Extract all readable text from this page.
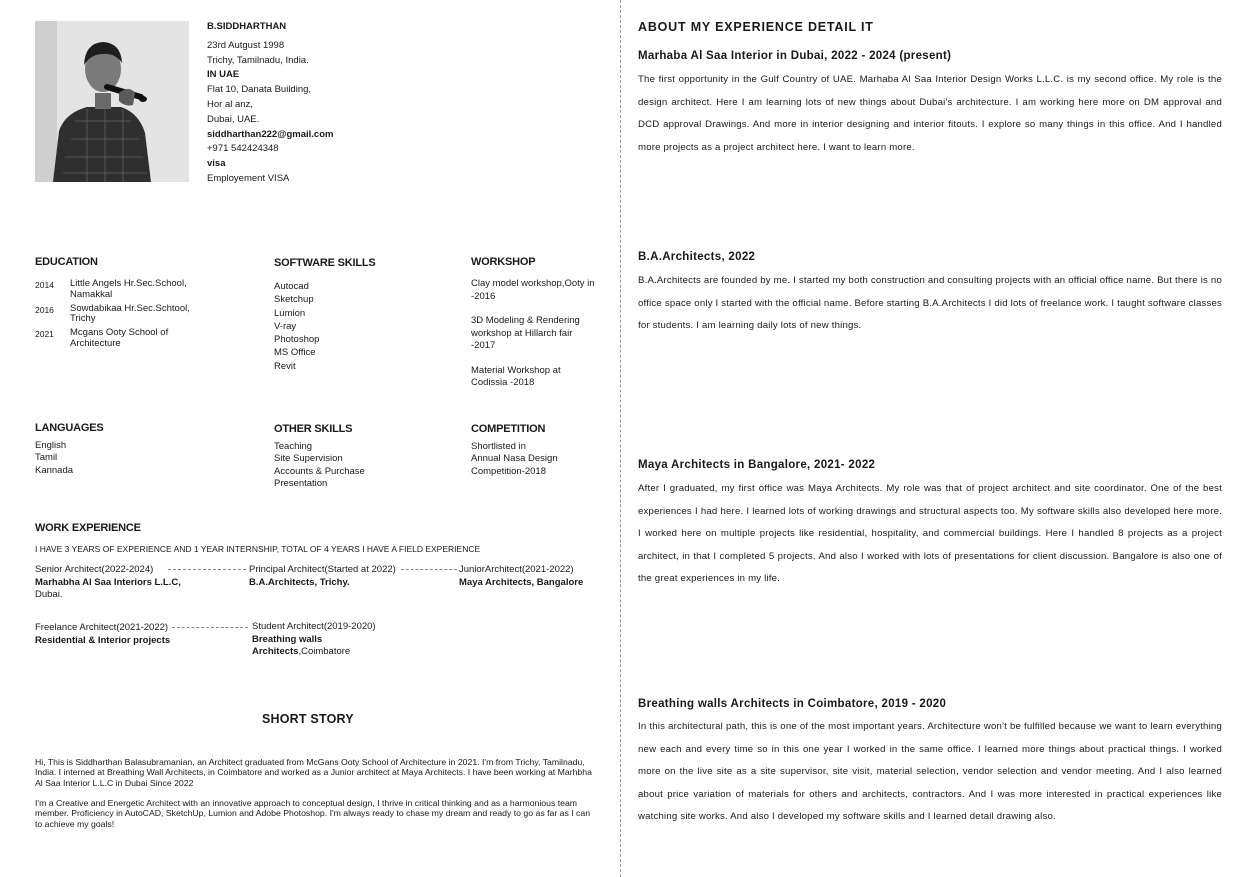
B.SIDDHARTHAN
23rd Autgust 1998
Trichy, Tamilnadu, India.
IN UAE
Flat 10, Danata Building,
Hor al anz,
Dubai, UAE.
siddharthan222@gmail.com
+971 542424348
visa
Employement VISA
EDUCATION
2014	Little Angels Hr.Sec.School, Namakkal
2016	Sowdabikaa Hr.Sec.Schtool, Trichy
2021	Mcgans Ooty School of Architecture
SOFTWARE SKILLS
Autocad
Sketchup
Lumion
V-ray
Photoshop
MS Office
Revit
WORKSHOP
Clay model workshop,Ooty in -2016
3D Modeling & Rendering workshop at Hillarch fair -2017
Material Workshop at Codissia -2018
LANGUAGES
English
Tamil
Kannada
OTHER SKILLS
Teaching
Site Supervision
Accounts & Purchase
Presentation
COMPETITION
Shortlisted in
Annual Nasa Design
Competition-2018
WORK EXPERIENCE
I HAVE 3 YEARS OF EXPERIENCE AND 1 YEAR INTERNSHIP, TOTAL OF 4 YEARS I HAVE A FIELD EXPERIENCE
Senior Architect(2022-2024)
Marhabha Al Saa Interiors L.L.C,
Dubai.
Principal Architect(Started at 2022)
B.A.Architects, Trichy.
JuniorArchitect(2021-2022)
Maya Architects, Bangalore
Freelance Architect(2021-2022)
Residential & Interior projects
Student Architect(2019-2020)
Breathing walls Architects,Coimbatore
SHORT STORY
Hi, This is Siddharthan Balasubramanian, an Architect graduated from McGans Ooty School of Architecture in 2021. I'm from Trichy, Tamilnadu, India. I interned at Breathing Wall Architects, in Coimbatore and worked as a Junior architect at Maya Architects. I have been working at Marhbha Al Saa Interior L.L.C in Dubai Since 2022
I'm a Creative and Energetic Architect with an innovative approach to conceptual design, I thrive in critical thinking and as a harmonious team member. Proficiency in AutoCAD, SketchUp, Lumion and Adobe Photoshop. I'm always ready to chase my dream and ready to go as far as I can to achieve my goals!
ABOUT MY EXPERIENCE DETAIL IT
Marhaba Al Saa Interior in Dubai, 2022 - 2024 (present)
The first opportunity in the Gulf Country of UAE. Marhaba Al Saa Interior Design Works L.L.C. is my second office. My role is the design architect. Here I am learning lots of new things about Dubai's architecture. I am working here more on DM approval and DCD approval Drawings. And more in interior designing and interior fitouts. I explore so many things in this office. And I handled more projects as a project architect here. I want to learn more.
B.A.Architects, 2022
B.A.Architects are founded by me. I started my both construction and consulting projects with an official office name. But there is no office space only I started with the official name. Before starting B.A.Architects I did lots of freelance work. I taught software classes for students. I am learning daily lots of new things.
Maya Architects in Bangalore, 2021- 2022
After I graduated, my first office was Maya Architects. My role was that of project architect and site coordinator. One of the best experiences I had here. I learned lots of working drawings and structural aspects too. My software skills also developed here more. I worked here on multiple projects like residential, hospitality, and commercial buildings. Here I handled 8 projects as a project architect, in that I completed 5 projects. And also I worked with lots of presentations for client discussion. Bangalore is also one of the great experiences in my life.
Breathing walls Architects in Coimbatore, 2019 - 2020
In this architectural path, this is one of the most important years. Architecture won't be fulfilled because we want to learn everything new each and every time so in this one year I worked in the same office. I learned more things about practical things. I worked more on the live site as a site supervisor, site visit, material selection, vendor selection and vendor meeting. And I also learned about price variation of materials for others and architects, contractors. And I was more interested in practical experiences like watching site works. And also I developed my software skills and I learned detail drawing also.
